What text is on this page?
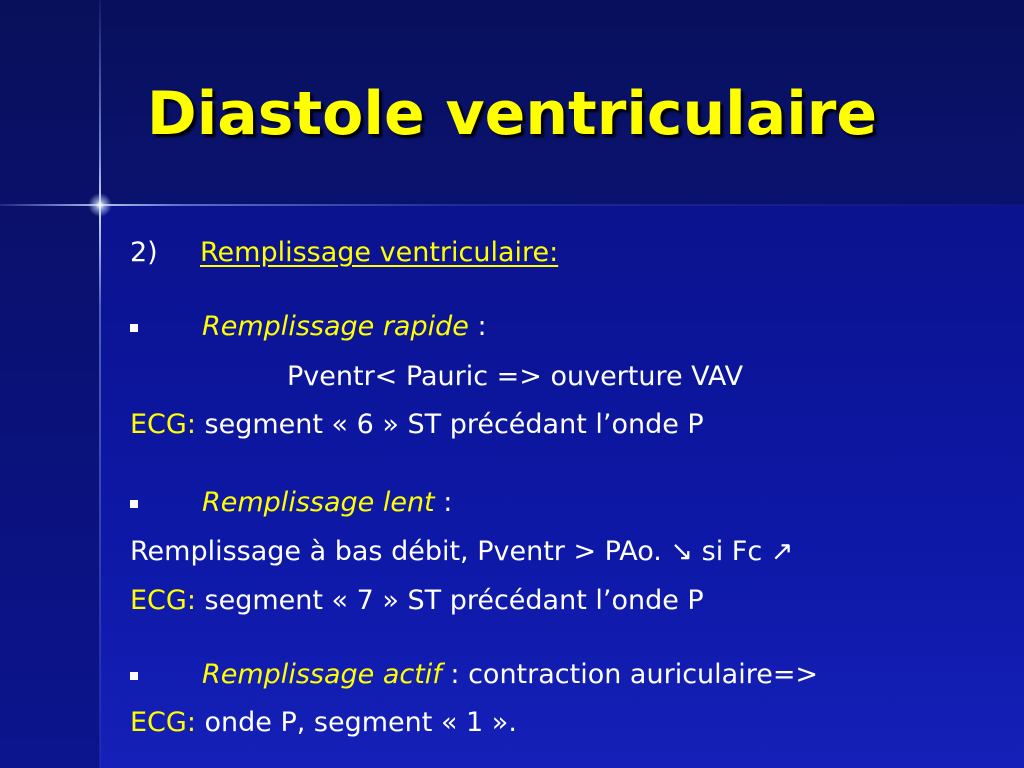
Diastole ventriculaire
2) Remplissage ventriculaire:
Remplissage rapide :
Pventr< Pauric => ouverture VAV
ECG: segment « 6 » ST précédant l’onde P
Remplissage lent :
Remplissage à bas débit, Pventr > PAo. ↘ si Fc ↗
ECG: segment « 7 » ST précédant l’onde P
Remplissage actif : contraction auriculaire=>
ECG: onde P, segment « 1 ».
